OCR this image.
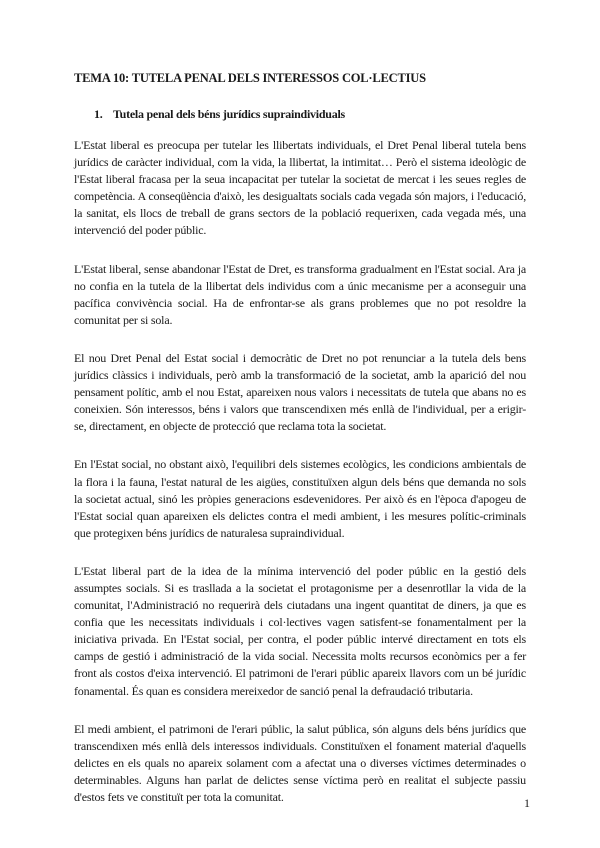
TEMA 10: TUTELA PENAL DELS INTERESSOS COL·LECTIUS
1. Tutela penal dels béns jurídics supraindividuals

L'Estat liberal es preocupa per tutelar les llibertats individuals, el Dret Penal liberal tutela bens jurídics de caràcter individual, com la vida, la llibertat, la intimitat… Però el sistema ideològic de l'Estat liberal fracasa per la seua incapacitat per tutelar la societat de mercat i les seues regles de competència. A conseqüència d'això, les desigualtats socials cada vegada són majors, i l'educació, la sanitat, els llocs de treball de grans sectors de la població requerixen, cada vegada més, una intervenció del poder públic.

L'Estat liberal, sense abandonar l'Estat de Dret, es transforma gradualment en l'Estat social. Ara ja no confia en la tutela de la llibertat dels individus com a únic mecanisme per a aconseguir una pacífica convivència social. Ha de enfrontar-se als grans problemes que no pot resoldre la comunitat per si sola.

El nou Dret Penal del Estat social i democràtic de Dret no pot renunciar a la tutela dels bens jurídics clàssics i individuals, però amb la transformació de la societat, amb la aparició del nou pensament polític, amb el nou Estat, apareixen nous valors i necessitats de tutela que abans no es coneixien. Són interessos, béns i valors que transcendixen més enllà de l'individual, per a erigir-se, directament, en objecte de protecció que reclama tota la societat.

En l'Estat social, no obstant això, l'equilibri dels sistemes ecològics, les condicions ambientals de la flora i la fauna, l'estat natural de les aigües, constituïxen algun dels béns que demanda no sols la societat actual, sinó les pròpies generacions esdevenidores. Per això és en l'època d'apogeu de l'Estat social quan apareixen els delictes contra el medi ambient, i les mesures polític-criminals que protegixen béns jurídics de naturalesa supraindividual.

L'Estat liberal part de la idea de la mínima intervenció del poder públic en la gestió dels assumptes socials. Si es trasllada a la societat el protagonisme per a desenrotllar la vida de la comunitat, l'Administració no requerirà dels ciutadans una ingent quantitat de diners, ja que es confia que les necessitats individuals i col·lectives vagen satisfent-se fonamentalment per la iniciativa privada. En l'Estat social, per contra, el poder públic intervé directament en tots els camps de gestió i administració de la vida social. Necessita molts recursos econòmics per a fer front als costos d'eixa intervenció. El patrimoni de l'erari públic apareix llavors com un bé jurídic fonamental. És quan es considera mereixedor de sanció penal la defraudació tributaria.

El medi ambient, el patrimoni de l'erari públic, la salut pública, són alguns dels béns jurídics que transcendixen més enllà dels interessos individuals. Constituïxen el fonament material d'aquells delictes en els quals no apareix solament com a afectat una o diverses víctimes determinades o determinables. Alguns han parlat de delictes sense víctima però en realitat el subjecte passiu d'estos fets ve constituït per tota la comunitat.	1
